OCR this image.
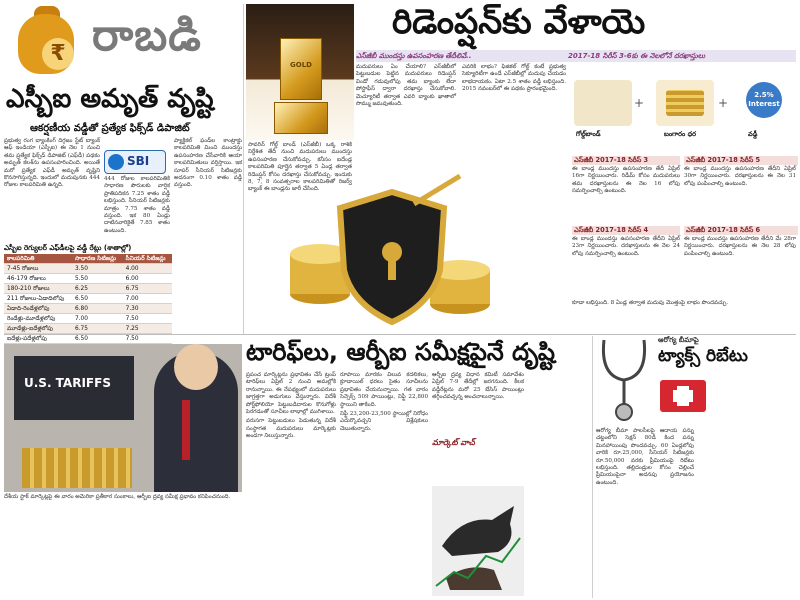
₹ రాబడి
ఎస్బీఐ అమృత్ వృష్టి
ఆకర్షణీయ వడ్డీతో ప్రత్యేక ఫిక్స్‌డ్ డిపాజిట్

ప్రభుత్వ రంగ బ్యాంకింగ్ దిగ్గజం స్టేట్ బ్యాంక్ ఆఫ్ ఇండియా (ఎస్బీఐ) ఈ నెల 1 నుంచి తమ ప్రత్యేక ఫిక్స్‌డ్ డిపాజిట్ (ఎఫ్‌డీ) పథకం అమృత్ కలశ్‌ను ఉపసంహరించింది. అయితే మరో ప్రత్యేక ఎఫ్‌డీ అమృత్ వృష్టిని కొనసాగిస్తున్నది. ఇందులో మదుపునకు 444 రోజుల కాలపరిమితి ఉన్నది.

SBI

444 రోజుల కాలపరిమితికి సాధారణ పౌరులకు వార్షిక ప్రాతిపదికన 7.25 శాతం వడ్డీ లభిస్తుంది. సీనియర్ సిటిజన్లకు మాత్రం 7.75 శాతం వడ్డీ వస్తుంది. ఇక 80 ఏండ్లు దాటినవారికైతే 7.85 శాతం ఉంటుంది.

ప్యాక్టికల్ ఫండ్‌ల కాంట్రాక్టు కాలపరిమితి మించి ముందస్తు ఉపసంహరణ చేసేవారికి ఆయా కాలపరిమితులు వర్తిస్తాయి. ఇక సూపర్ సీనియర్ సిటిజన్లకు అదనంగా 0.10 శాతం వడ్డీ వస్తుంది.

ఎస్బీఐ రెగ్యులర్ ఎఫ్‌డీలపై వడ్డీ రేట్లు (శాతాల్లో)
కాలపరిమితి	సాధారణ సిటిజన్లు	సీనియర్ సిటిజన్లు
7-45 రోజులు	3.50	4.00
46-179 రోజులు	5.50	6.00
180-210 రోజులు	6.25	6.75
211 రోజులు-ఏడాదిలోపు	6.50	7.00
ఏడాది-రెండేళ్లలోపు	6.80	7.30
రెండేళ్లు-మూడేళ్లలోపు	7.00	7.50
మూడేళ్లు-ఐదేళ్లలోపు	6.75	7.25
ఐదేళ్లు-పదేళ్లలోపు	6.50	7.50
GOLD
రిడెంప్షన్‌కు వేళాయె
ఎస్‌జీబీ ముందస్తు ఉపసంహరణ తేదీలివే..	2017-18 సిరీస్ 3-6కు ఈ నెలలోనే దరఖాస్తులు

సావరిన్ గోల్డ్ బాండ్ (ఎస్‌జీబీ) ఒక్క రాశికి నిర్దేశిత తేదీ నుంచి మదుపరులు ముందస్తు ఉపసంహరణ చేసుకోవచ్చు. కనీసం ఐదేండ్ల కాలపరిమితి పూర్తైన తర్వాత 5 ఏండ్ల తర్వాత రిడెంప్షన్ కోసం దరఖాస్తు చేసుకోవచ్చు. ఇందుకు 8, 7, 8 సంవత్సరాల కాలపరిమితితో రిజర్వ్ బ్యాంక్ ఈ బాండ్లను జారీ చేసింది.

మదుపరులు ఏం చేయాలి? ఎస్‌జీబీలో పెట్టుబడుల పెట్టిన మదుపరులు రిడెంప్షన్ విండో గడువులోపు తమ బ్యాంకు లేదా పోస్టాఫీస్ ద్వారా దరఖాస్తు చేసుకోవాలి. మెచ్యూరిటీ తర్వాత ఎవరి బ్యాంకు ఖాతాలో సొమ్ము జమవుతుంది.

ఎవరికి లాభం? ఫిజికల్ గోల్డ్ కంటే ప్రభుత్వ సెక్యూరిటీగా ఉండే ఎస్‌జీబీల్లో మదుపు చేయడం లాభదాయకం. ఏటా 2.5 శాతం వడ్డీ లభిస్తుంది. 2015 నవంబర్‌లో ఈ పథకం ప్రారంభమైంది.

2.5% Interest
+	+
గోల్డ్‌బాండ్	బంగారం ధర	వడ్డీ
ఎస్‌జీబీ 2017-18 సిరీస్ 3
ఈ బాండ్ల ముందస్తు ఉపసంహరణ తేదీ ఏప్రిల్ 16గా నిర్ణయించారు. రిడీమ్ కోసం మదుపరులు తమ దరఖాస్తులను ఈ నెల 16 లోపు సమర్పించాల్సి ఉంటుంది.
ఎస్‌జీబీ 2017-18 సిరీస్ 5
ఈ బాండ్ల ముందస్తు ఉపసంహరణ తేదీని ఏప్రిల్ 30గా నిర్ణయించారు. దరఖాస్తులను ఈ నెల 31 లోపు పంపించాల్సి ఉంటుంది.
ఎస్‌జీబీ 2017-18 సిరీస్ 4
ఈ బాండ్ల ముందస్తు ఉపసంహరణ తేదీని ఏప్రిల్ 23గా నిర్ణయించారు. దరఖాస్తులను ఈ నెల 24 లోపు సమర్పించాల్సి ఉంటుంది.
ఎస్‌జీబీ 2017-18 సిరీస్ 6
ఈ బాండ్ల ముందస్తు ఉపసంహరణ తేదీని మే 28గా నిర్ణయించారు. దరఖాస్తులను ఈ నెల 28 లోపు పంపించాల్సి ఉంటుంది.
కూడా లభిస్తుంది. 8 ఏండ్ల తర్వాత మదుపు మొత్తంపై లాభం పొందవచ్చు.
U.S. TARIFFS
దేశీయ స్టాక్ మార్కెట్లపై ఈ వారం అమెరికా ప్రతీకార సుంకాలు, ఆర్బీఐ ద్రవ్య సమీక్ష ప్రభావం కనిపించనుంది.
టారిఫ్‌లు, ఆర్బీఐ సమీక్షపైనే దృష్టి

ప్రపంచ మార్కెట్లను ప్రభావితం చేసే ట్రంప్ టారిఫ్‌లు ఏప్రిల్ 2 నుంచి అమల్లోకి రానున్నాయి. ఈ నేపథ్యంలో మదుపరులు జాగ్రత్తగా అడుగులు వేస్తున్నారు. విదేశీ పోర్ట్‌ఫోలియో పెట్టుబడిదారుల కొనుగోళ్లు పెరగడంతో సూచీలు లాభాల్లో ముగిశాయి.

వరుసగా పెట్టుబడులు పెడుతున్న విదేశీ సంస్థాగత మదుపరులు మార్కెట్లకు అండగా నిలుస్తున్నారు.

రూపాయి మారకం విలువ కదలికలు, క్రూడాయిల్ ధరలు సైతం సూచీలను ప్రభావితం చేయనున్నాయి. గత వారం సెన్సెక్స్ 509 పాయింట్లు, నిఫ్టీ 22,800 స్థాయిని తాకింది.

నిఫ్టీ 23,200-23,500 స్థాయిల్లో నిరోధం ఎదుర్కొవచ్చని విశ్లేషకులు చెబుతున్నారు.

మార్కెట్ వాచ్

ఆర్బీఐ ద్రవ్య విధాన కమిటీ సమావేశం ఏప్రిల్ 7-9 తేదీల్లో జరగనుంది. కీలక వడ్డీరేట్లను మరో 25 బేసిస్ పాయింట్లు తగ్గించవచ్చన్న అంచనాలున్నాయి.

ఆరోగ్య బీమాపై
ట్యాక్స్ రిబేటు

ఆరోగ్య బీమా పాలసీలపై ఆదాయ పన్ను చట్టంలోని సెక్షన్ 80డీ కింద పన్ను మినహాయింపు పొందవచ్చు. 60 ఏండ్లలోపు వారికి రూ.25,000, సీనియర్ సిటిజన్లకు రూ.50,000 వరకు ప్రీమియంపై రిబేటు లభిస్తుంది. తల్లిదండ్రుల కోసం చెల్లించే ప్రీమియంపైనా అదనపు ప్రయోజనం ఉంటుంది.
